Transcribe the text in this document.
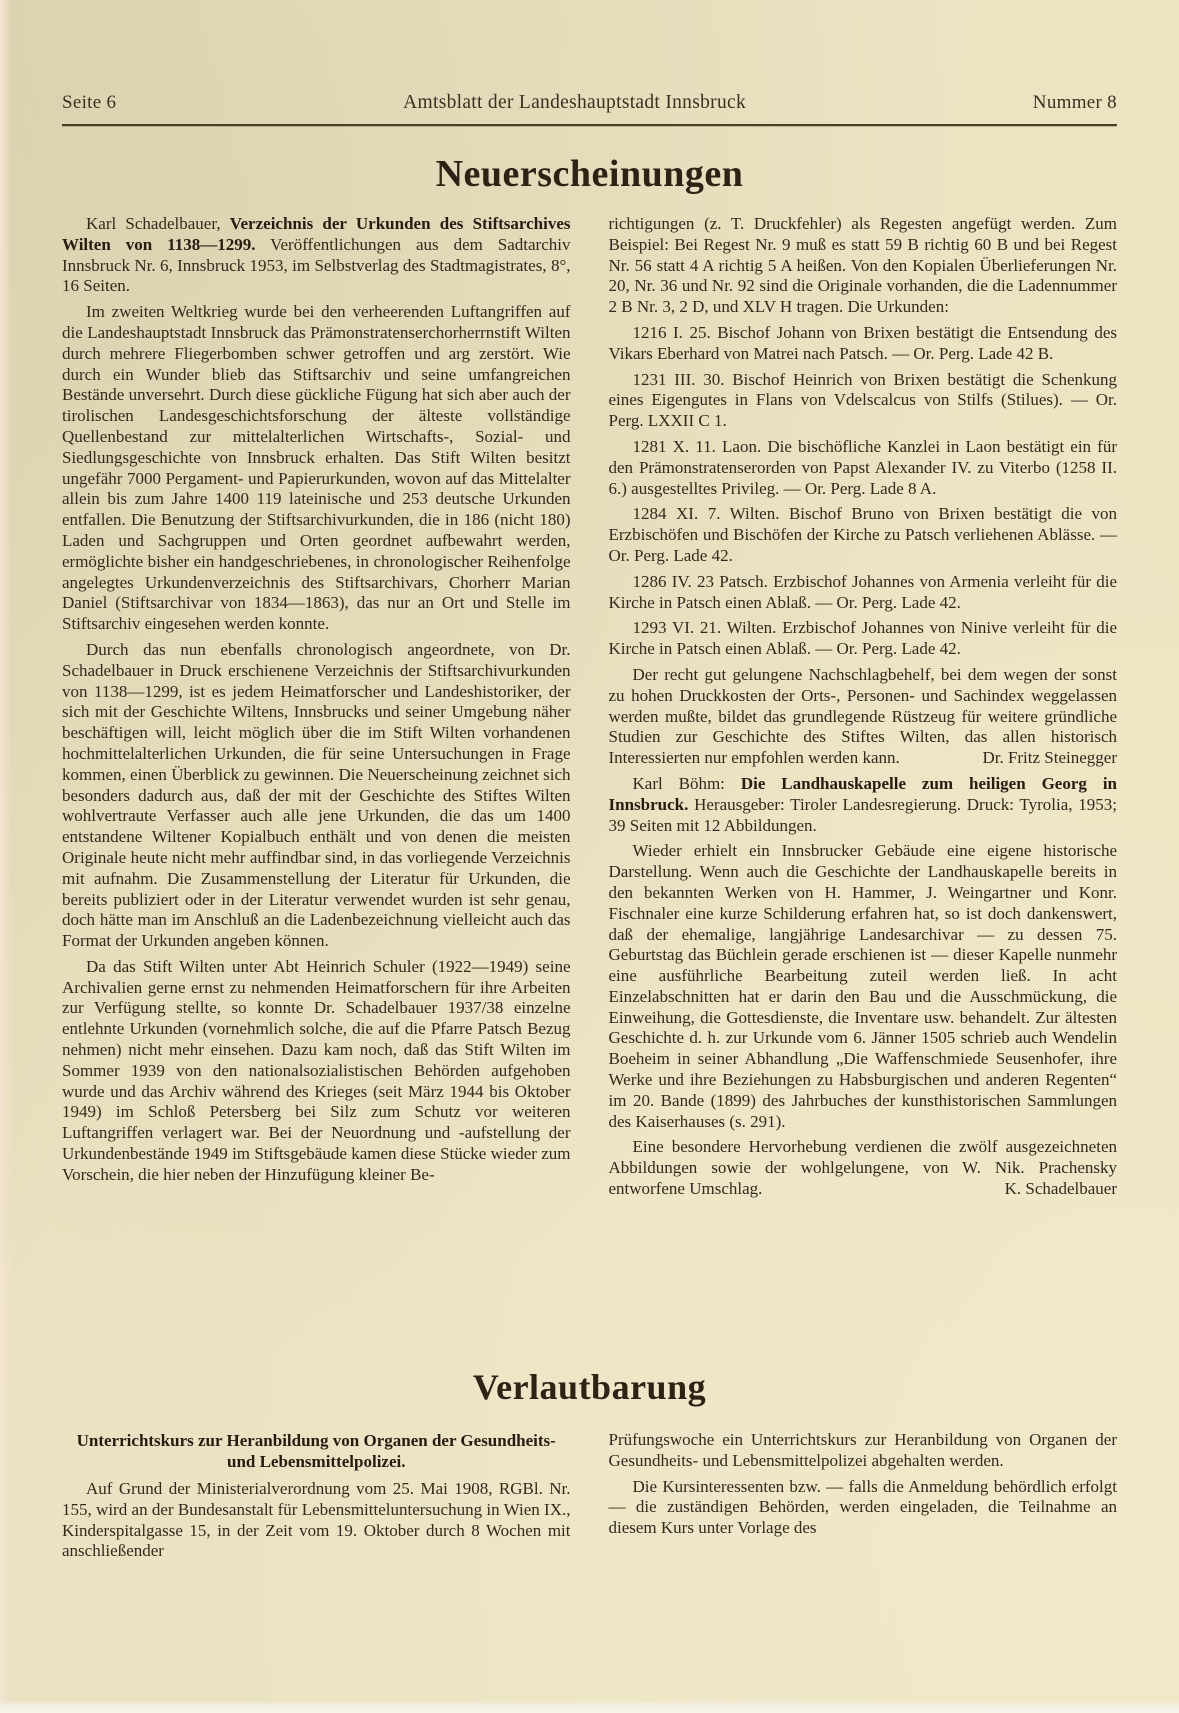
Seite 6	Amtsblatt der Landeshauptstadt Innsbruck	Nummer 8
Neuerscheinungen

Karl Schadelbauer, Verzeichnis der Urkunden des Stiftsarchives Wilten von 1138—1299. Veröffentlichungen aus dem Sadtarchiv Innsbruck Nr. 6, Innsbruck 1953, im Selbstverlag des Stadtmagistrates, 8°, 16 Seiten.

Im zweiten Weltkrieg wurde bei den verheerenden Luftangriffen auf die Landeshauptstadt Innsbruck das Prämonstratenserchorherrnstift Wilten durch mehrere Fliegerbomben schwer getroffen und arg zerstört. Wie durch ein Wunder blieb das Stiftsarchiv und seine umfangreichen Bestände unversehrt. Durch diese gückliche Fügung hat sich aber auch der tirolischen Landesgeschichtsforschung der älteste vollständige Quellenbestand zur mittelalterlichen Wirtschafts-, Sozial- und Siedlungsgeschichte von Innsbruck erhalten. Das Stift Wilten besitzt ungefähr 7000 Pergament- und Papierurkunden, wovon auf das Mittelalter allein bis zum Jahre 1400 119 lateinische und 253 deutsche Urkunden entfallen. Die Benutzung der Stiftsarchivurkunden, die in 186 (nicht 180) Laden und Sachgruppen und Orten geordnet aufbewahrt werden, ermöglichte bisher ein handgeschriebenes, in chronologischer Reihenfolge angelegtes Urkundenverzeichnis des Stiftsarchivars, Chorherr Marian Daniel (Stiftsarchivar von 1834—1863), das nur an Ort und Stelle im Stiftsarchiv eingesehen werden konnte.

Durch das nun ebenfalls chronologisch angeordnete, von Dr. Schadelbauer in Druck erschienene Verzeichnis der Stiftsarchivurkunden von 1138—1299, ist es jedem Heimatforscher und Landeshistoriker, der sich mit der Geschichte Wiltens, Innsbrucks und seiner Umgebung näher beschäftigen will, leicht möglich über die im Stift Wilten vorhandenen hochmittelalterlichen Urkunden, die für seine Untersuchungen in Frage kommen, einen Überblick zu gewinnen. Die Neuerscheinung zeichnet sich besonders dadurch aus, daß der mit der Geschichte des Stiftes Wilten wohlvertraute Verfasser auch alle jene Urkunden, die das um 1400 entstandene Wiltener Kopialbuch enthält und von denen die meisten Originale heute nicht mehr auffindbar sind, in das vorliegende Verzeichnis mit aufnahm. Die Zusammenstellung der Literatur für Urkunden, die bereits publiziert oder in der Literatur verwendet wurden ist sehr genau, doch hätte man im Anschluß an die Ladenbezeichnung vielleicht auch das Format der Urkunden angeben können.

Da das Stift Wilten unter Abt Heinrich Schuler (1922—1949) seine Archivalien gerne ernst zu nehmenden Heimatforschern für ihre Arbeiten zur Verfügung stellte, so konnte Dr. Schadelbauer 1937/38 einzelne entlehnte Urkunden (vornehmlich solche, die auf die Pfarre Patsch Bezug nehmen) nicht mehr einsehen. Dazu kam noch, daß das Stift Wilten im Sommer 1939 von den nationalsozialistischen Behörden aufgehoben wurde und das Archiv während des Krieges (seit März 1944 bis Oktober 1949) im Schloß Petersberg bei Silz zum Schutz vor weiteren Luftangriffen verlagert war. Bei der Neuordnung und -aufstellung der Urkundenbestände 1949 im Stiftsgebäude kamen diese Stücke wieder zum Vorschein, die hier neben der Hinzufügung kleiner Be-

richtigungen (z. T. Druckfehler) als Regesten angefügt werden. Zum Beispiel: Bei Regest Nr. 9 muß es statt 59 B richtig 60 B und bei Regest Nr. 56 statt 4 A richtig 5 A heißen. Von den Kopialen Überlieferungen Nr. 20, Nr. 36 und Nr. 92 sind die Originale vorhanden, die die Ladennummer 2 B Nr. 3, 2 D, und XLV H tragen. Die Urkunden:

1216 I. 25. Bischof Johann von Brixen bestätigt die Entsendung des Vikars Eberhard von Matrei nach Patsch. — Or. Perg. Lade 42 B.

1231 III. 30. Bischof Heinrich von Brixen bestätigt die Schenkung eines Eigengutes in Flans von Vdelscalcus von Stilfs (Stilues). — Or. Perg. LXXII C 1.

1281 X. 11. Laon. Die bischöfliche Kanzlei in Laon bestätigt ein für den Prämonstratenserorden von Papst Alexander IV. zu Viterbo (1258 II. 6.) ausgestelltes Privileg. — Or. Perg. Lade 8 A.

1284 XI. 7. Wilten. Bischof Bruno von Brixen bestätigt die von Erzbischöfen und Bischöfen der Kirche zu Patsch verliehenen Ablässe. — Or. Perg. Lade 42.

1286 IV. 23 Patsch. Erzbischof Johannes von Armenia verleiht für die Kirche in Patsch einen Ablaß. — Or. Perg. Lade 42.

1293 VI. 21. Wilten. Erzbischof Johannes von Ninive verleiht für die Kirche in Patsch einen Ablaß. — Or. Perg. Lade 42.

Der recht gut gelungene Nachschlagbehelf, bei dem wegen der sonst zu hohen Druckkosten der Orts-, Personen- und Sachindex weggelassen werden mußte, bildet das grundlegende Rüstzeug für weitere gründliche Studien zur Geschichte des Stiftes Wilten, das allen historisch Interessierten nur empfohlen werden kann.	Dr. Fritz Steinegger

Karl Böhm: Die Landhauskapelle zum heiligen Georg in Innsbruck. Herausgeber: Tiroler Landesregierung. Druck: Tyrolia, 1953; 39 Seiten mit 12 Abbildungen.

Wieder erhielt ein Innsbrucker Gebäude eine eigene historische Darstellung. Wenn auch die Geschichte der Landhauskapelle bereits in den bekannten Werken von H. Hammer, J. Weingartner und Konr. Fischnaler eine kurze Schilderung erfahren hat, so ist doch dankenswert, daß der ehemalige, langjährige Landesarchivar — zu dessen 75. Geburtstag das Büchlein gerade erschienen ist — dieser Kapelle nunmehr eine ausführliche Bearbeitung zuteil werden ließ. In acht Einzelabschnitten hat er darin den Bau und die Ausschmückung, die Einweihung, die Gottesdienste, die Inventare usw. behandelt. Zur ältesten Geschichte d. h. zur Urkunde vom 6. Jänner 1505 schrieb auch Wendelin Boeheim in seiner Abhandlung „Die Waffenschmiede Seusenhofer, ihre Werke und ihre Beziehungen zu Habsburgischen und anderen Regenten“ im 20. Bande (1899) des Jahrbuches der kunsthistorischen Sammlungen des Kaiserhauses (s. 291).

Eine besondere Hervorhebung verdienen die zwölf ausgezeichneten Abbildungen sowie der wohlgelungene, von W. Nik. Prachensky entworfene Umschlag.	K. Schadelbauer

Verlautbarung
Unterrichtskurs zur Heranbildung von Organen der Gesundheits- und Lebensmittelpolizei.

Auf Grund der Ministerialverordnung vom 25. Mai 1908, RGBl. Nr. 155, wird an der Bundesanstalt für Lebensmitteluntersuchung in Wien IX., Kinderspitalgasse 15, in der Zeit vom 19. Oktober durch 8 Wochen mit anschließender

Prüfungswoche ein Unterrichtskurs zur Heranbildung von Organen der Gesundheits- und Lebensmittelpolizei abgehalten werden.

Die Kursinteressenten bzw. — falls die Anmeldung behördlich erfolgt — die zuständigen Behörden, werden eingeladen, die Teilnahme an diesem Kurs unter Vorlage des
